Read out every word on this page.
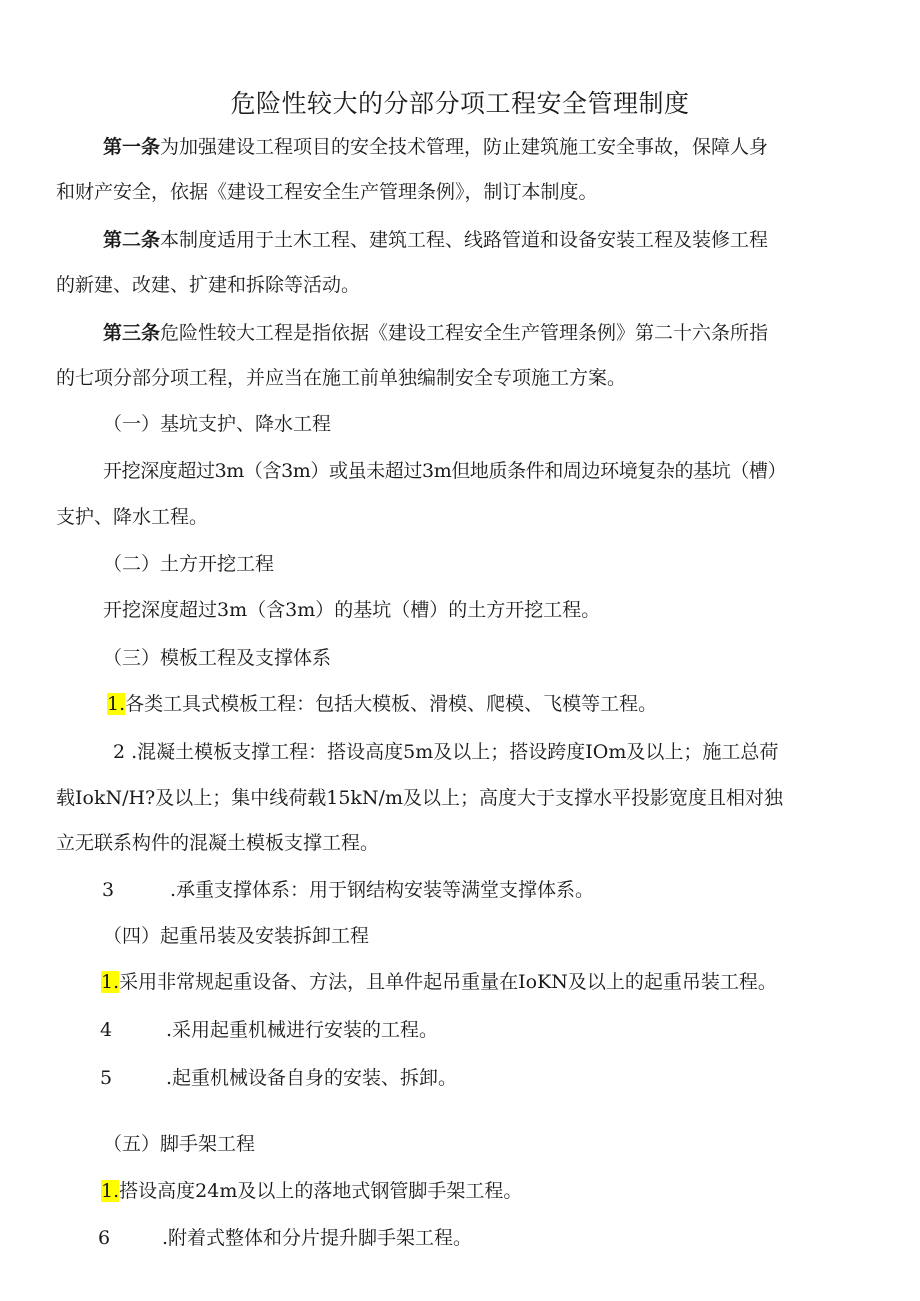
危险性较大的分部分项工程安全管理制度
第一条为加强建设工程项目的安全技术管理，防止建筑施工安全事故，保障人身
和财产安全，依据《建设工程安全生产管理条例》，制订本制度。
第二条本制度适用于土木工程、建筑工程、线路管道和设备安装工程及装修工程
的新建、改建、扩建和拆除等活动。
第三条危险性较大工程是指依据《建设工程安全生产管理条例》第二十六条所指
的七项分部分项工程，并应当在施工前单独编制安全专项施工方案。
（一）基坑支护、降水工程
开挖深度超过3m（含3m）或虽未超过3m但地质条件和周边环境复杂的基坑（槽）
支护、降水工程。
（二）土方开挖工程
开挖深度超过3m（含3m）的基坑（槽）的土方开挖工程。
（三）模板工程及支撑体系
1.各类工具式模板工程：包括大模板、滑模、爬模、飞模等工程。
2 .混凝土模板支撑工程：搭设高度5m及以上；搭设跨度IOm及以上；施工总荷
载IokN/H?及以上；集中线荷载15kN∕m及以上；高度大于支撑水平投影宽度且相对独
立无联系构件的混凝土模板支撑工程。
3	.承重支撑体系：用于钢结构安装等满堂支撑体系。
（四）起重吊装及安装拆卸工程
1.采用非常规起重设备、方法，且单件起吊重量在IoKN及以上的起重吊装工程。
4	.采用起重机械进行安装的工程。
5	.起重机械设备自身的安装、拆卸。
（五）脚手架工程
1.搭设高度24m及以上的落地式钢管脚手架工程。
6	.附着式整体和分片提升脚手架工程。
